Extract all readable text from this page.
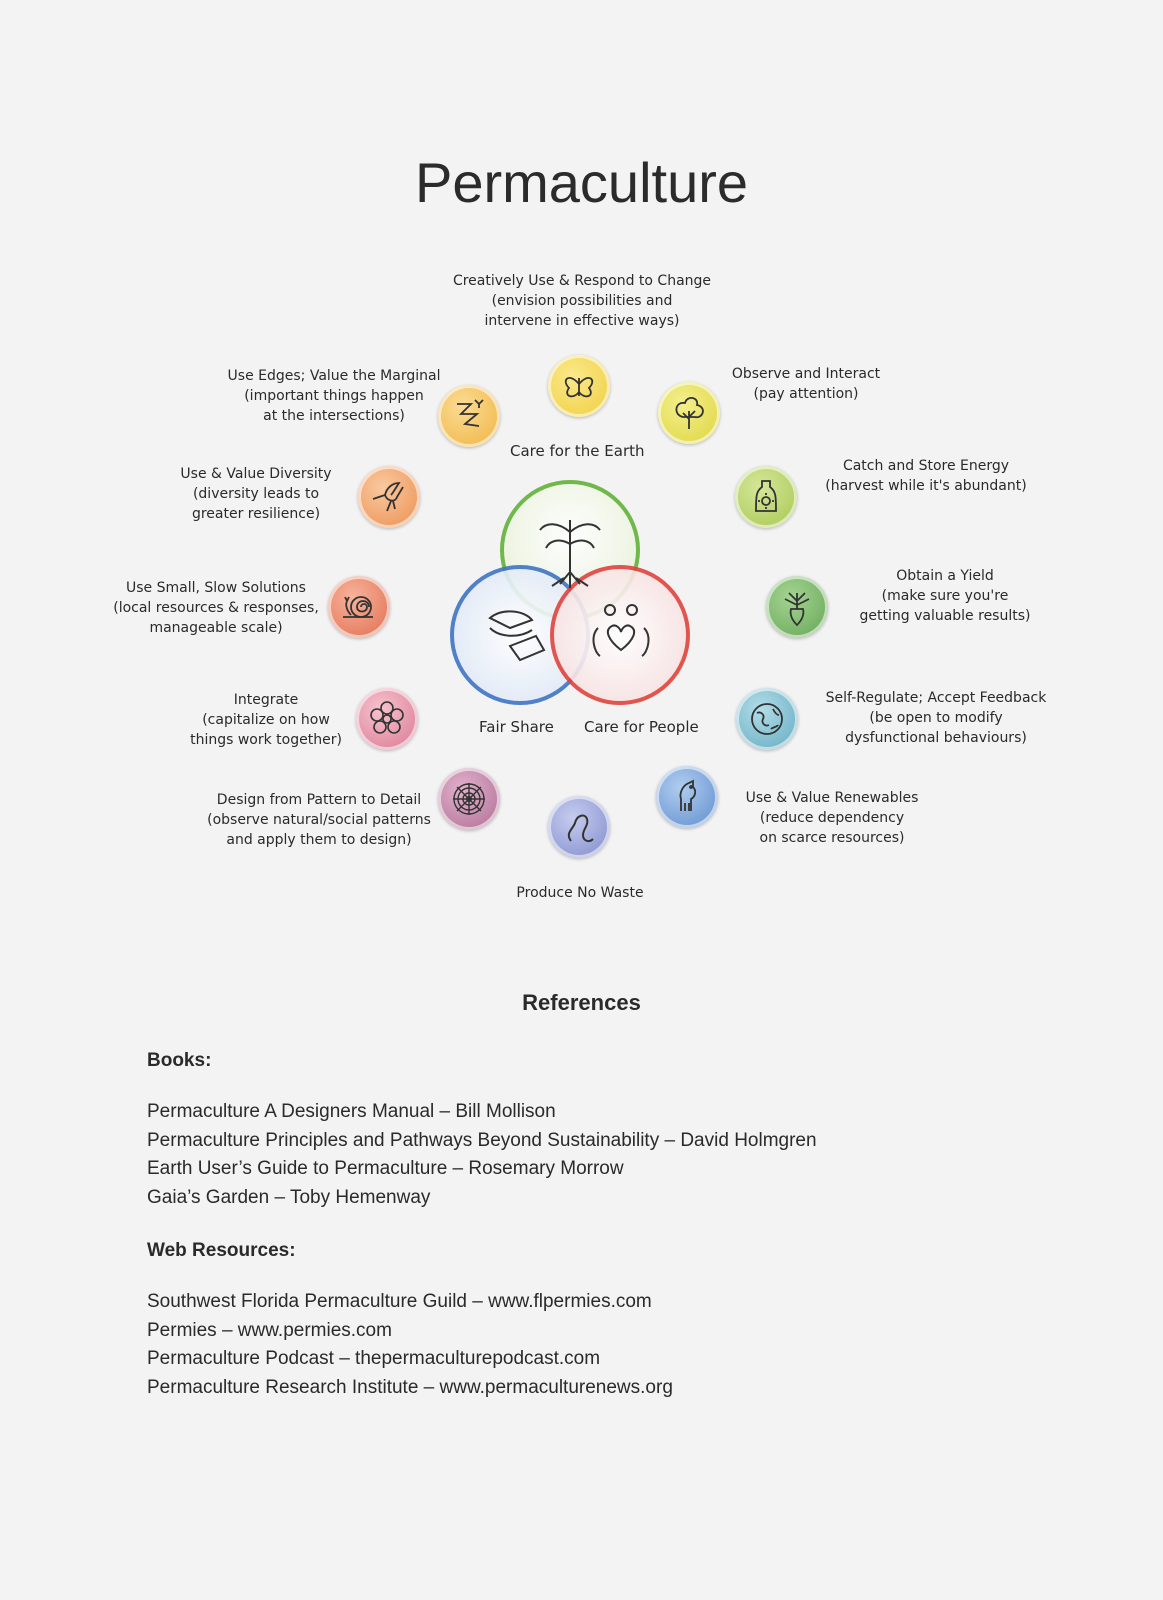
Permaculture
Care for the Earth
Fair Share Care for People
Creatively Use & Respond to Change
(envision possibilities and
intervene in effective ways)
Observe and Interact
(pay attention)
Catch and Store Energy
(harvest while it's abundant)
Obtain a Yield
(make sure you're
getting valuable results)
Self-Regulate; Accept Feedback
(be open to modify
dysfunctional behaviours)
Use & Value Renewables
(reduce dependency
on scarce resources)
Produce No Waste
Design from Pattern to Detail
(observe natural/social patterns
and apply them to design)
Integrate
(capitalize on how
things work together)
Use Small, Slow Solutions
(local resources & responses,
manageable scale)
Use & Value Diversity
(diversity leads to
greater resilience)
Use Edges; Value the Marginal
(important things happen
at the intersections)
References
Books:
Permaculture A Designers Manual – Bill Mollison
Permaculture Principles and Pathways Beyond Sustainability – David Holmgren
Earth User’s Guide to Permaculture – Rosemary Morrow
Gaia’s Garden – Toby Hemenway
Web Resources:
Southwest Florida Permaculture Guild – www.flpermies.com
Permies – www.permies.com
Permaculture Podcast – thepermaculturepodcast.com
Permaculture Research Institute – www.permaculturenews.org
